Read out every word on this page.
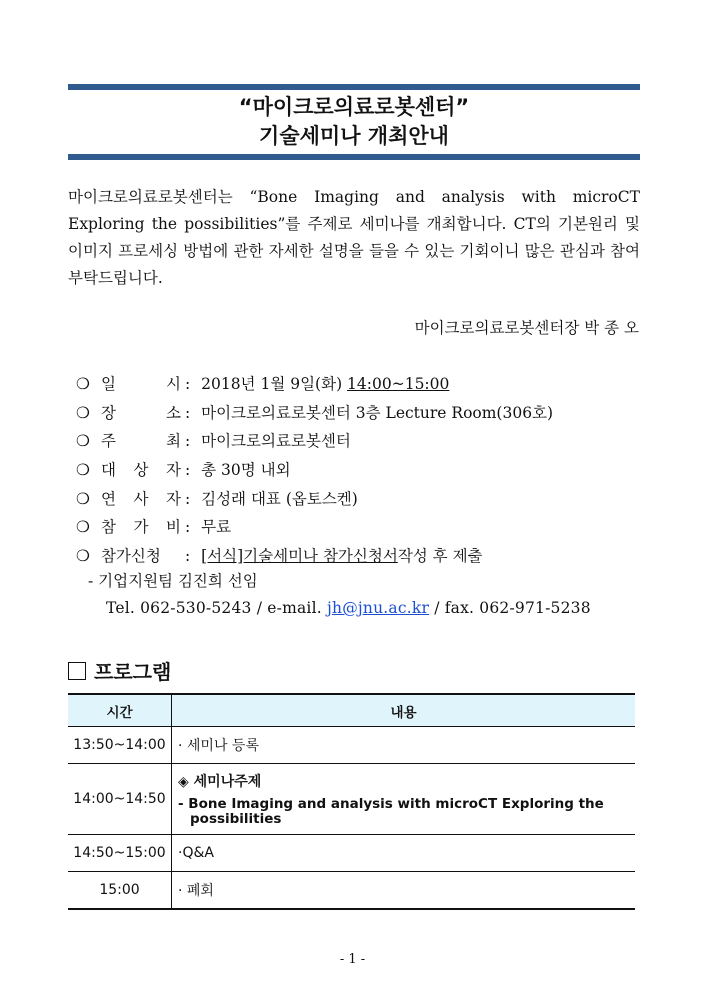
“마이크로의료로봇센터”
기술세미나 개최안내
마이크로의료로봇센터는 “Bone Imaging and analysis with microCT Exploring the possibilities”를 주제로 세미나를 개최합니다. CT의 기본원리 및 이미지 프로세싱 방법에 관한 자세한 설명을 들을 수 있는 기회이니 많은 관심과 참여 부탁드립니다.
마이크로의료로봇센터장 박 종 오
❍ 일 시 : 2018년 1월 9일(화) 14:00~15:00
❍ 장 소 : 마이크로의료로봇센터 3층 Lecture Room(306호)
❍ 주 최 : 마이크로의료로봇센터
❍ 대 상 자 : 총 30명 내외
❍ 연 사 자 : 김성래 대표 (옵토스켄)
❍ 참 가 비 : 무료
❍ 참가신청 : [서식]기술세미나 참가신청서작성 후 제출
- 기업지원팀 김진희 선임
Tel. 062-530-5243 / e-mail. jh@jnu.ac.kr / fax. 062-971-5238
프로그램
시간	내용
13:50~14:00	· 세미나 등록
14:00~14:50	◈ 세미나주제
- Bone Imaging and analysis with microCT Exploring the possibilities

14:50~15:00	·Q&A
15:00	· 폐회
- 1 -
